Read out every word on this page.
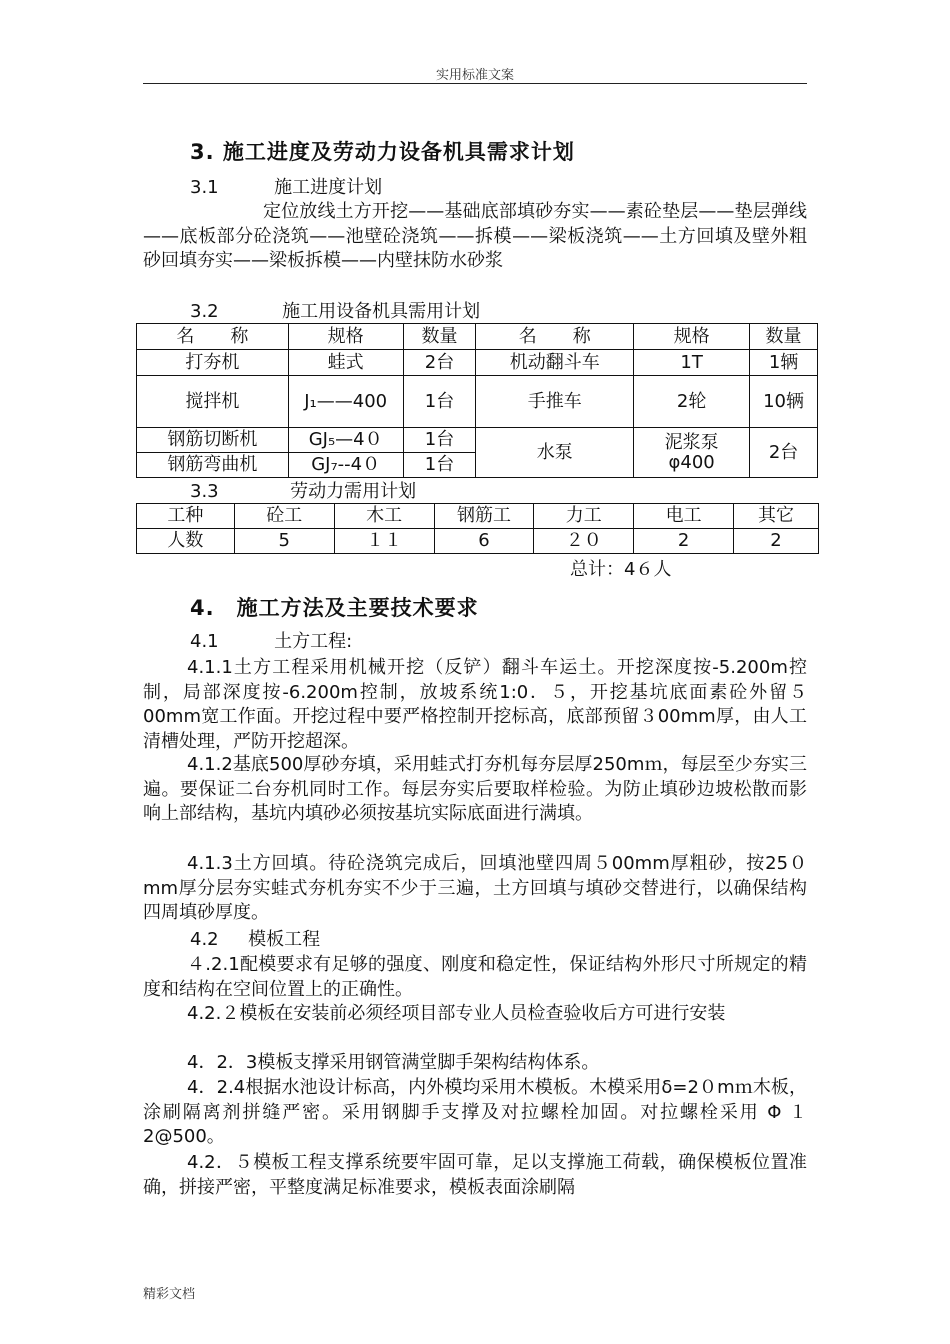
实用标准文案
3. 施工进度及劳动力设备机具需求计划
3.1	施工进度计划
定位放线土方开挖——基础底部填砂夯实——素砼垫层——垫层弹线——底板部分砼浇筑——池壁砼浇筑——拆模——梁板浇筑——土方回填及壁外粗砂回填夯实——梁板拆模——内壁抹防水砂浆
3.2	施工用设备机具需用计划
名　　称	规格	数量	名　　称	规格	数量
打夯机	蛙式	2台	机动翻斗车	1T	1辆
搅拌机	J₁——400	1台	手推车	2轮	10辆
钢筋切断机	GJ₅—4０	1台	水泵	泥浆泵φ400	2台
钢筋弯曲机	GJ₇--4０	1台			
3.3	劳动力需用计划
工种	砼工	木工	钢筋工	力工	电工	其它
人数	5	１１	6	２０	2	2
总计：4６人
4.　施工方法及主要技术要求
4.1	土方工程:
4.1.1土方工程采用机械开挖（反铲）翻斗车运土。开挖深度按-5.200m控制，局部深度按-6.200m控制，放坡系统1:0．５，开挖基坑底面素砼外留５00mm宽工作面。开挖过程中要严格控制开挖标高，底部预留３00mm厚，由人工清槽处理，严防开挖超深。
4.1.2基底500厚砂夯填，采用蛙式打夯机每夯层厚250mｍ，每层至少夯实三遍。要保证二台夯机同时工作。每层夯实后要取样检验。为防止填砂边坡松散而影响上部结构，基坑内填砂必须按基坑实际底面进行满填。
4.1.3土方回填。待砼浇筑完成后，回填池壁四周５00mm厚粗砂，按25０mm厚分层夯实蛙式夯机夯实不少于三遍，土方回填与填砂交替进行，以确保结构四周填砂厚度。
4.2 模板工程
４.2.1配模要求有足够的强度、刚度和稳定性，保证结构外形尺寸所规定的精度和结构在空间位置上的正确性。
4.2.２模板在安装前必须经项目部专业人员检查验收后方可进行安装
4．2．3模板支撑采用钢管满堂脚手架构结构体系。
4．2.4根据水池设计标高，内外模均采用木模板。木模采用δ=2０mｍ木板，涂刷隔离剂拼缝严密。采用钢脚手支撑及对拉螺栓加固。对拉螺栓采用 Φ １2@500。
4.2．５模板工程支撑系统要牢固可靠，足以支撑施工荷载，确保模板位置准确，拼接严密，平整度满足标准要求，模板表面涂刷隔
精彩文档
